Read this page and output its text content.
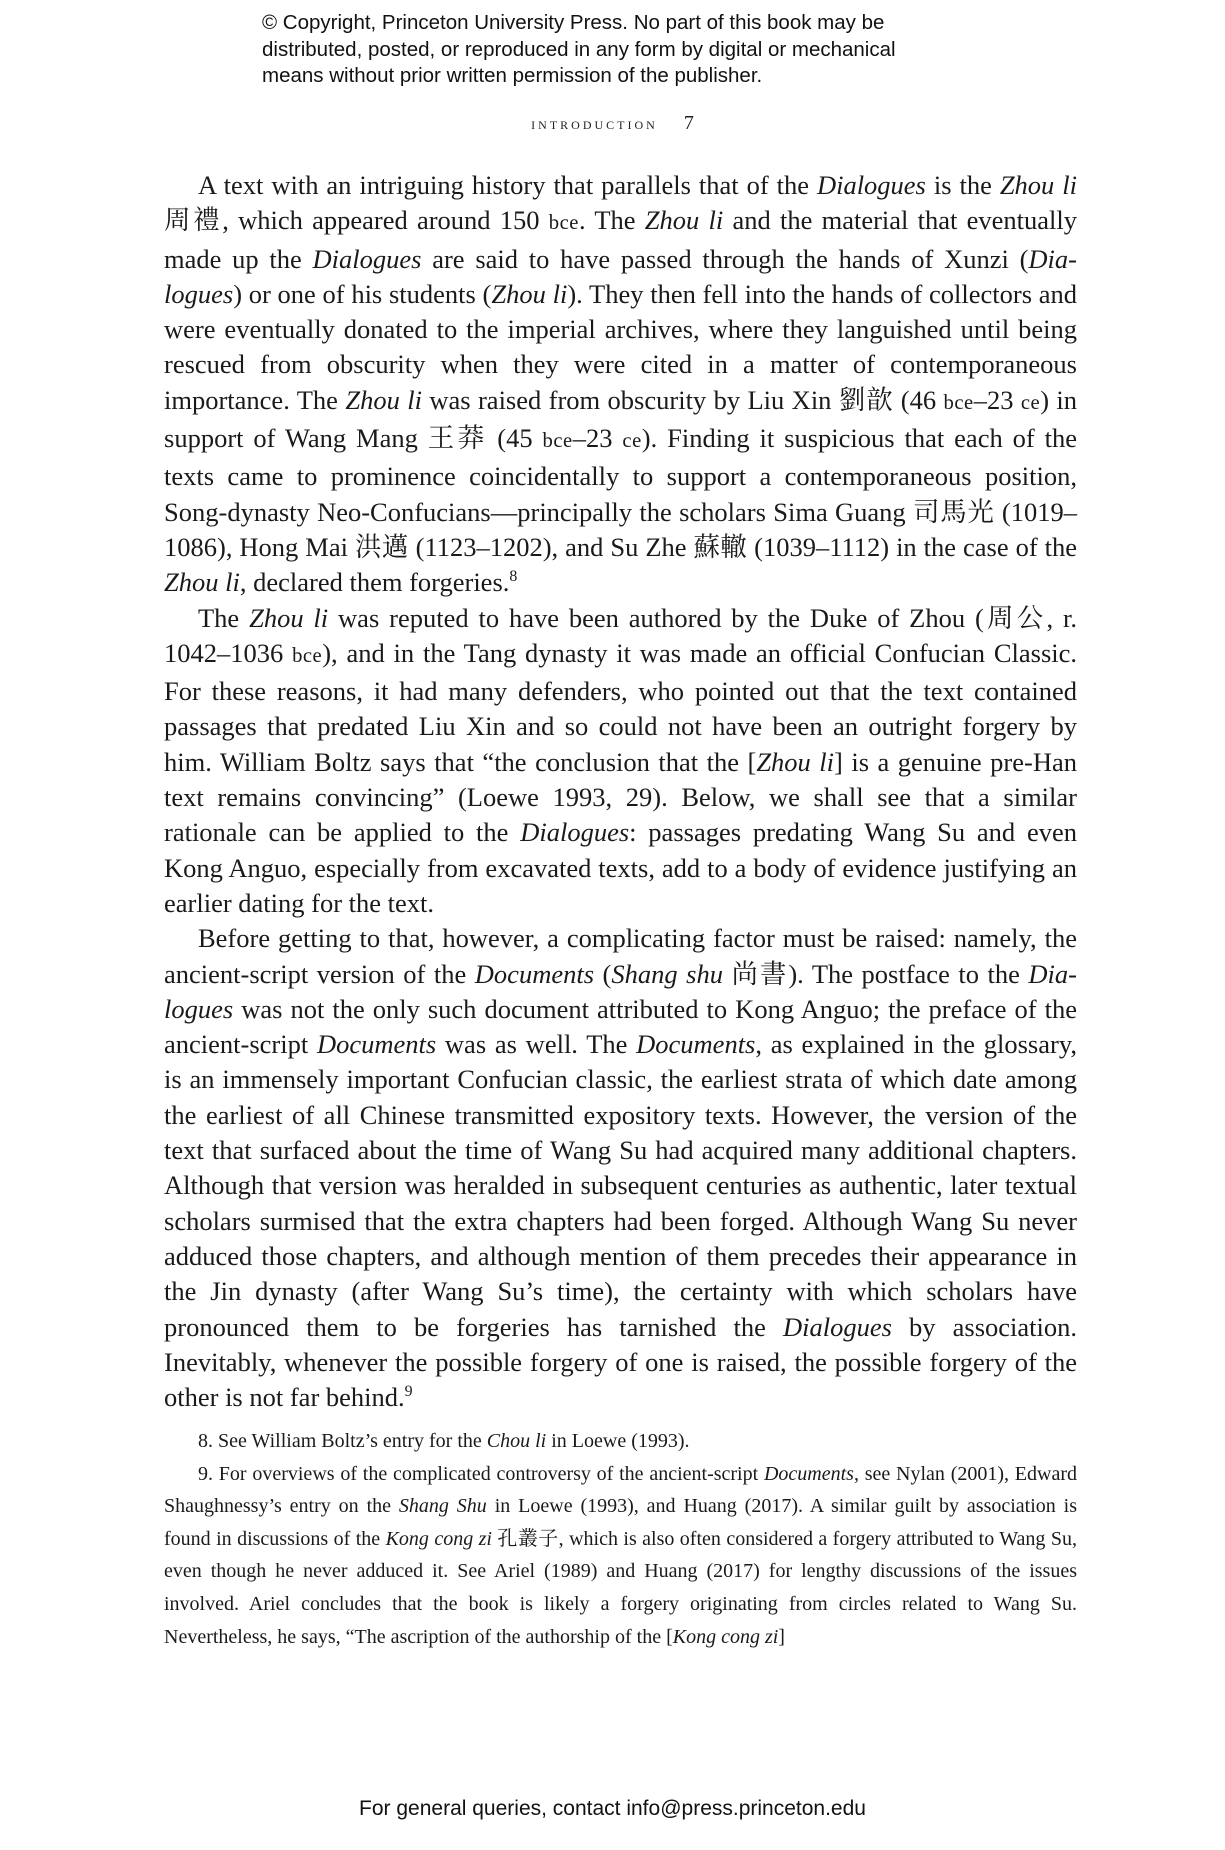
© Copyright, Princeton University Press. No part of this book may be

distributed, posted, or reproduced in any form by digital or mechanical

means without prior written permission of the publisher.

introduction 7

A text with an intriguing history that parallels that of the Dialogues is the Zhou li 周禮, which appeared around 150 bce. The Zhou li and the material that eventually made up the Dialogues are said to have passed through the hands of Xunzi (Dialogues) or one of his students (Zhou li). They then fell into the hands of collectors and were eventually donated to the imperial archives, where they languished until being rescued from obscurity when they were cited in a matter of contemporaneous importance. The Zhou li was raised from obscurity by Liu Xin 劉歆 (46 bce–23 ce) in support of Wang Mang 王莽 (45 bce–23 ce). Finding it suspicious that each of the texts came to prominence coincidentally to support a contemporaneous position, Song-dynasty Neo-Confucians—principally the scholars Sima Guang 司馬光 (1019–1086), Hong Mai 洪邁 (1123–1202), and Su Zhe 蘇轍 (1039–1112) in the case of the Zhou li, declared them forgeries.$^8$

The Zhou li was reputed to have been authored by the Duke of Zhou (周公, r. 1042–1036 bce), and in the Tang dynasty it was made an official Confucian Classic. For these reasons, it had many defenders, who pointed out that the text contained passages that predated Liu Xin and so could not have been an outright forgery by him. William Boltz says that “the conclusion that the [Zhou li] is a genuine pre-Han text remains convincing” (Loewe 1993, 29). Below, we shall see that a similar rationale can be applied to the Dialogues: passages predating Wang Su and even Kong Anguo, especially from excavated texts, add to a body of evidence justifying an earlier dating for the text.

Before getting to that, however, a complicating factor must be raised: namely, the ancient-script version of the Documents (Shang shu 尚書). The postface to the Dialogues was not the only such document attributed to Kong Anguo; the preface of the ancient-script Documents was as well. The Documents, as explained in the glossary, is an immensely important Confucian classic, the earliest strata of which date among the earliest of all Chinese transmitted expository texts. However, the version of the text that surfaced about the time of Wang Su had acquired many additional chapters. Although that version was heralded in subsequent centuries as authentic, later textual scholars surmised that the extra chapters had been forged. Although Wang Su never adduced those chapters, and although mention of them precedes their appearance in the Jin dynasty (after Wang Su’s time), the certainty with which scholars have pronounced them to be forgeries has tarnished the Dialogues by association. Inevitably, whenever the possible forgery of one is raised, the possible forgery of the other is not far behind.$^9$

8. See William Boltz’s entry for the Chou li in Loewe (1993).

9. For overviews of the complicated controversy of the ancient-script Documents, see Nylan (2001), Edward Shaughnessy’s entry on the Shang Shu in Loewe (1993), and Huang (2017). A similar guilt by association is found in discussions of the Kong cong zi 孔叢子, which is also often considered a forgery attributed to Wang Su, even though he never adduced it. See Ariel (1989) and Huang (2017) for lengthy discussions of the issues involved. Ariel concludes that the book is likely a forgery originating from circles related to Wang Su. Nevertheless, he says, “The ascription of the authorship of the [Kong cong zi]

For general queries, contact info@press.princeton.edu
